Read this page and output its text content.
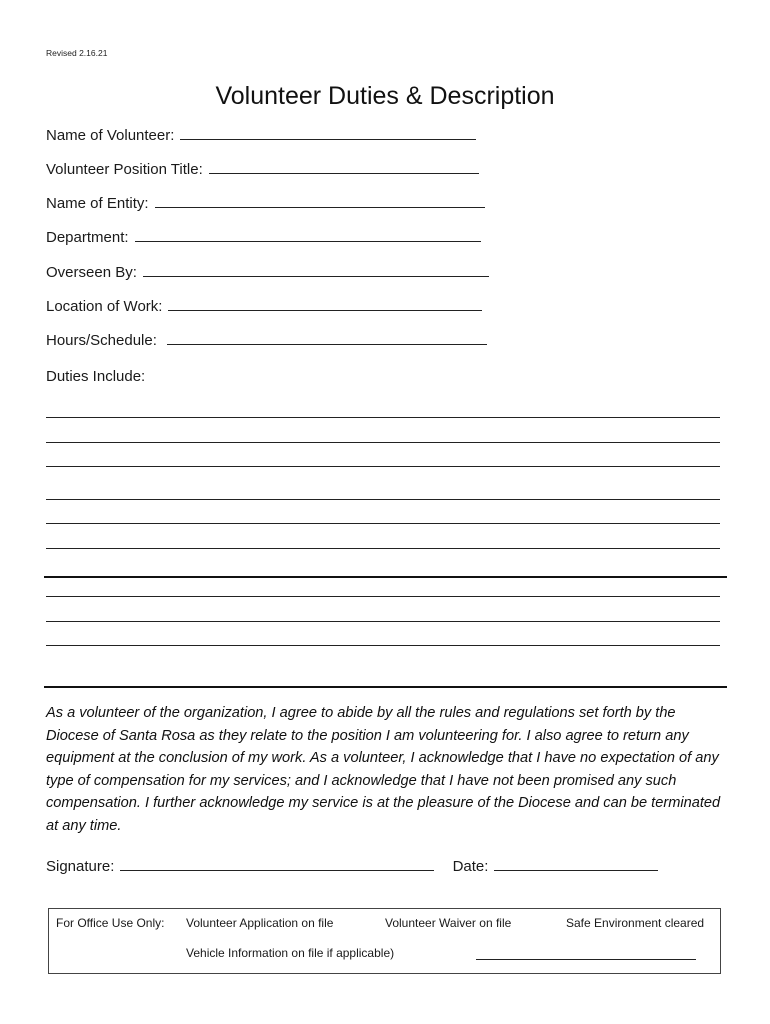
Revised 2.16.21
Volunteer Duties & Description
Name of Volunteer:
Volunteer Position Title:
Name of Entity:
Department:
Overseen By:
Location of Work:
Hours/Schedule:
Duties Include:
As a volunteer of the organization, I agree to abide by all the rules and regulations set forth by the Diocese of Santa Rosa as they relate to the position I am volunteering for. I also agree to return any equipment at the conclusion of my work. As a volunteer, I acknowledge that I have no expectation of any type of compensation for my services; and I acknowledge that I have not been promised any such compensation. I further acknowledge my service is at the pleasure of the Diocese and can be terminated at any time.
Signature:	Date:
For Office Use Only: Volunteer Application on file	Volunteer Waiver on file	Safe Environment cleared
Vehicle Information on file if applicable)
